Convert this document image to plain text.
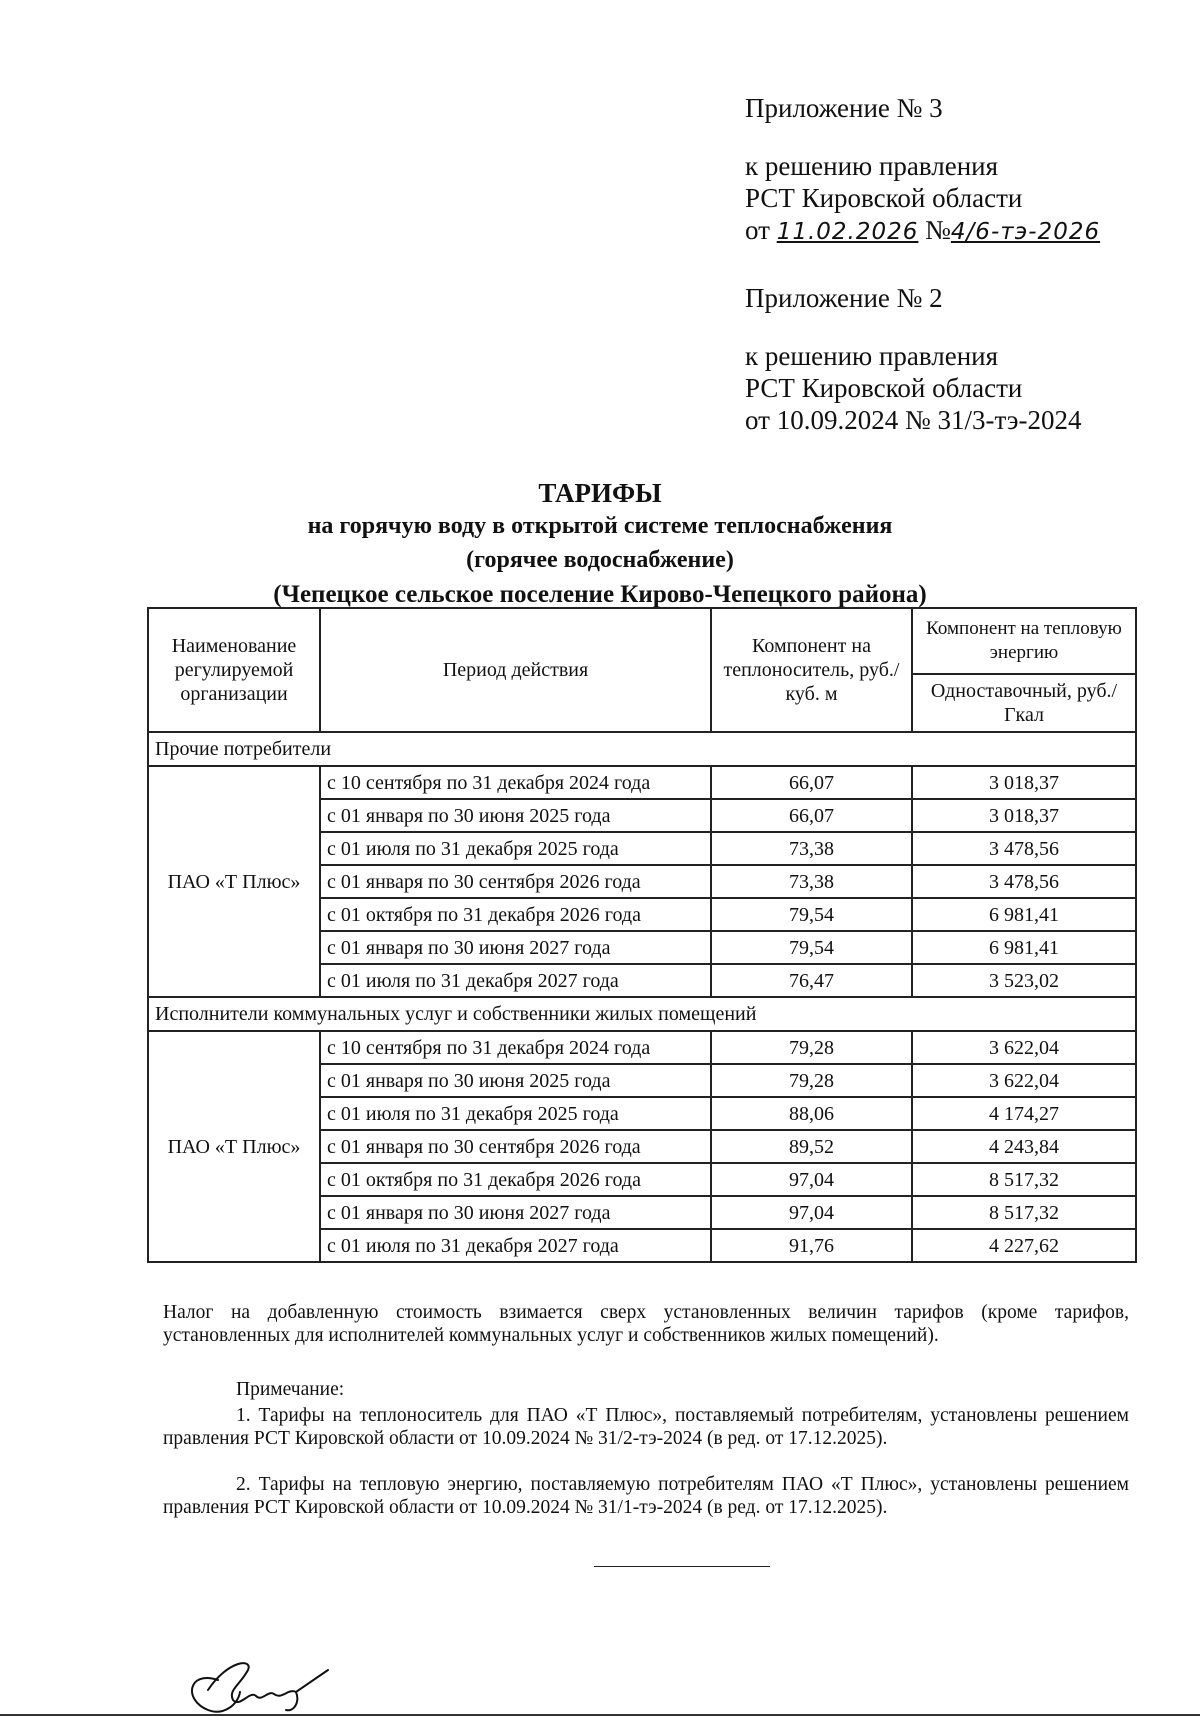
Приложение № 3
к решению правления
РСТ Кировской области
от 11.02.2026 №4/6-тэ-2026
Приложение № 2
к решению правления
РСТ Кировской области
от 10.09.2024 № 31/3-тэ-2024
ТАРИФЫ
на горячую воду в открытой системе теплоснабжения
(горячее водоснабжение)
(Чепецкое сельское поселение Кирово-Чепецкого района)
Наименование регулируемой организации	Период действия	Компонент на теплоноситель, руб./куб. м	Компонент на тепловую энергию
			Одноставочный, руб./Гкал
Прочие потребители			
ПАО «Т Плюс»	с 10 сентября по 31 декабря 2024 года	66,07	3 018,37
	с 01 января по 30 июня 2025 года	66,07	3 018,37
	с 01 июля по 31 декабря 2025 года	73,38	3 478,56
	с 01 января по 30 сентября 2026 года	73,38	3 478,56
	с 01 октября по 31 декабря 2026 года	79,54	6 981,41
	с 01 января по 30 июня 2027 года	79,54	6 981,41
	с 01 июля по 31 декабря 2027 года	76,47	3 523,02
Исполнители коммунальных услуг и собственники жилых помещений			
ПАО «Т Плюс»	с 10 сентября по 31 декабря 2024 года	79,28	3 622,04
	с 01 января по 30 июня 2025 года	79,28	3 622,04
	с 01 июля по 31 декабря 2025 года	88,06	4 174,27
	с 01 января по 30 сентября 2026 года	89,52	4 243,84
	с 01 октября по 31 декабря 2026 года	97,04	8 517,32
	с 01 января по 30 июня 2027 года	97,04	8 517,32
	с 01 июля по 31 декабря 2027 года	91,76	4 227,62
Налог на добавленную стоимость взимается сверх установленных величин тарифов (кроме тарифов, установленных для исполнителей коммунальных услуг и собственников жилых помещений).
Примечание:
1. Тарифы на теплоноситель для ПАО «Т Плюс», поставляемый потребителям, установлены решением правления РСТ Кировской области от 10.09.2024 № 31/2-тэ-2024 (в ред. от 17.12.2025).
2. Тарифы на тепловую энергию, поставляемую потребителям ПАО «Т Плюс», установлены решением правления РСТ Кировской области от 10.09.2024 № 31/1-тэ-2024 (в ред. от 17.12.2025).
